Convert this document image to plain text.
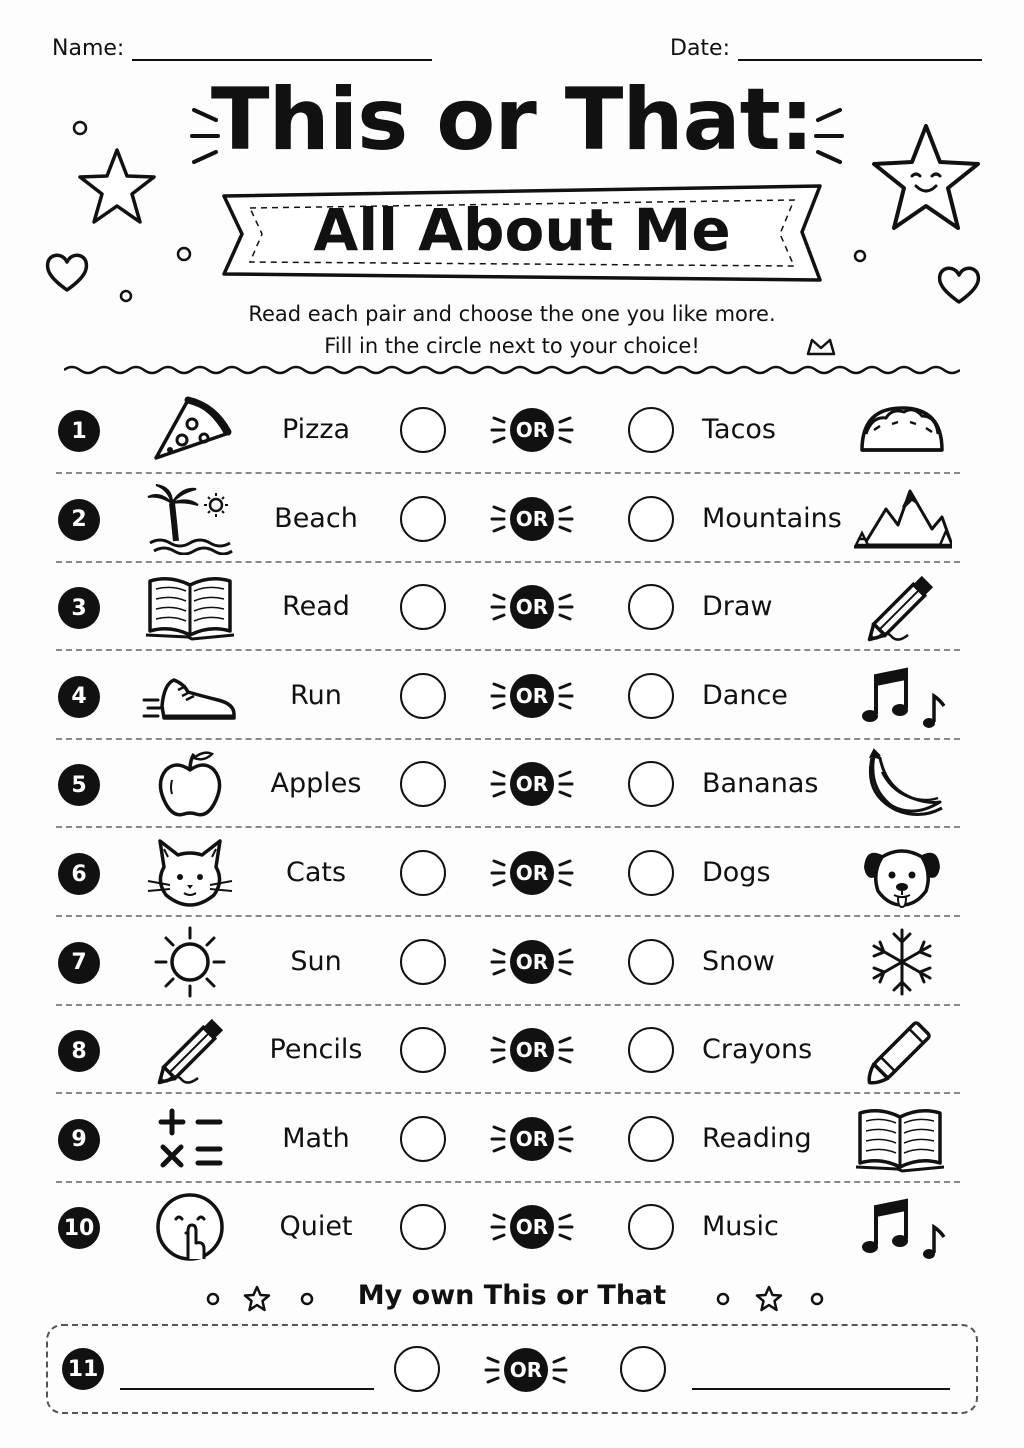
Name:	Date:
This or That:
All About Me
Read each pair and choose the one you like more.
Fill in the circle next to your choice!
1	Pizza	OR	Tacos
2	Beach	OR	Mountains
3	Read	OR	Draw
4	Run	OR	Dance
5	Apples	OR	Bananas
6	Cats	OR	Dogs
7	Sun	OR	Snow
8	Pencils	OR	Crayons
9	Math	OR	Reading
10	Quiet	OR	Music
My own This or That
11	OR
